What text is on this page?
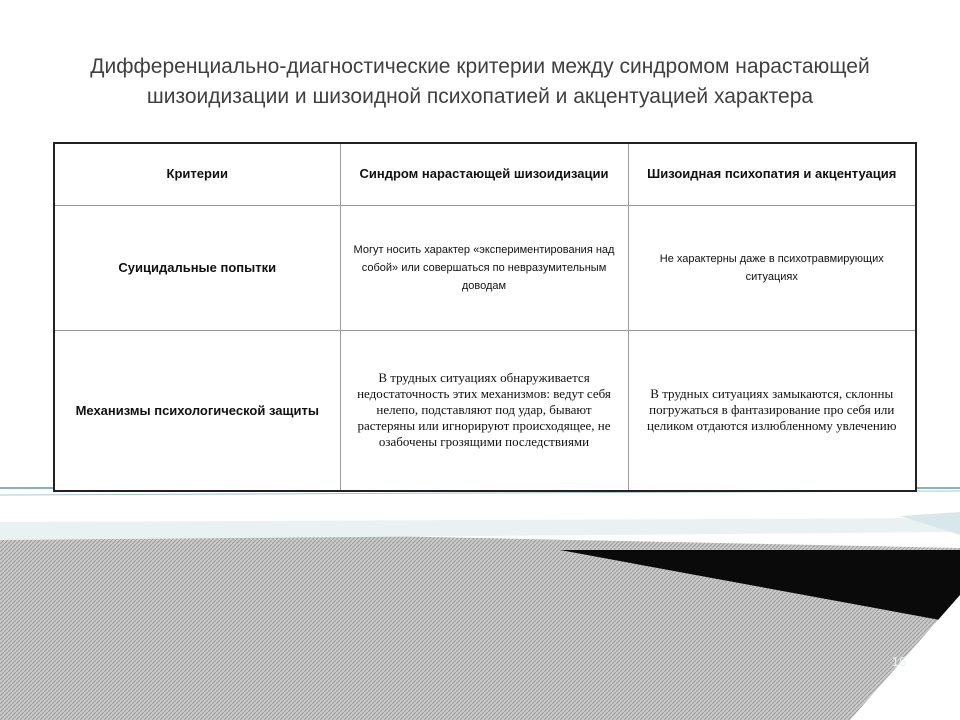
Дифференциально-диагностические критерии между синдромом нарастающей
шизоидизации и шизоидной психопатией и акцентуацией характера
Критерии	Синдром нарастающей шизоидизации	Шизоидная психопатия и акцентуация
Суицидальные попытки	Могут носить характер «экспериментирования над собой» или совершаться по невразумительным доводам	Не характерны даже в психотравмирующих ситуациях
Механизмы психологической защиты	В трудных ситуациях обнаруживается недостаточность этих механизмов: ведут себя нелепо, подставляют под удар, бывают растеряны или игнорируют происходящее, не озабочены грозящими последствиями	В трудных ситуациях замыкаются, склонны погружаться в фантазирование про себя или целиком отдаются излюбленному увлечению
16
